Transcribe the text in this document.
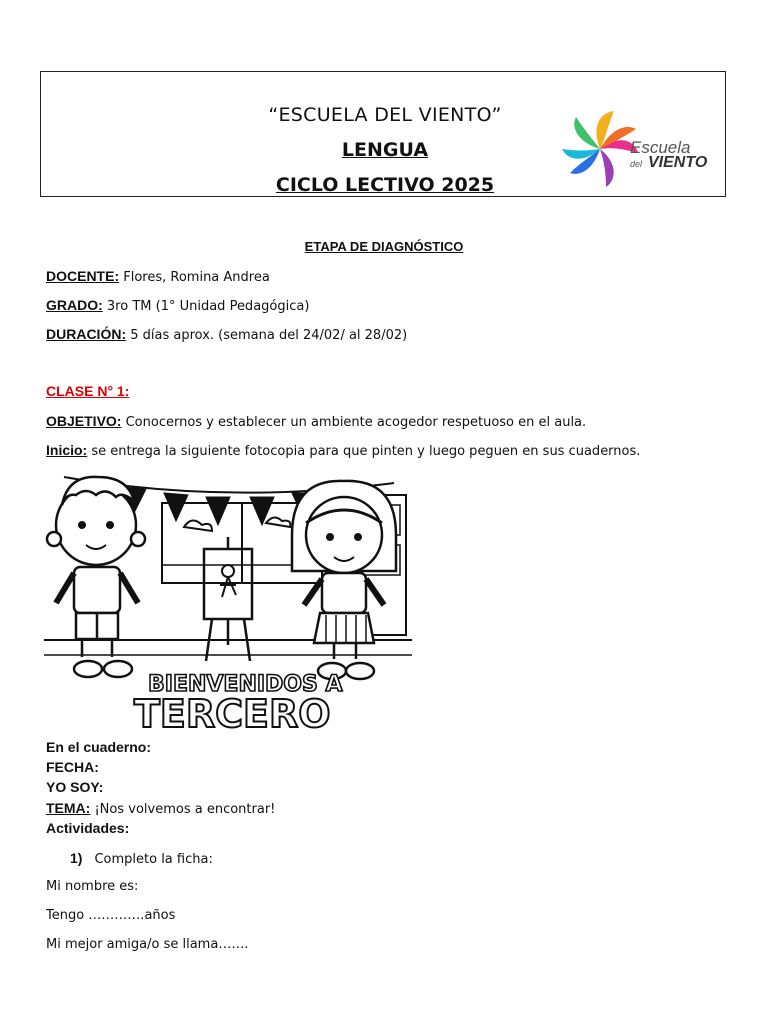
“ESCUELA DEL VIENTO”
LENGUA
CICLO LECTIVO 2025
Escuela
del VIENTO
ETAPA DE DIAGNÓSTICO
DOCENTE: Flores, Romina Andrea
GRADO: 3ro TM (1° Unidad Pedagógica)
DURACIÓN: 5 días aprox. (semana del 24/02/ al 28/02)
CLASE N° 1:
OBJETIVO: Conocernos y establecer un ambiente acogedor respetuoso en el aula.
Inicio: se entrega la siguiente fotocopia para que pinten y luego peguen en sus cuadernos.
BIENVENIDOS A
TERCERO
En el cuaderno:
FECHA:
YO SOY:
TEMA: ¡Nos volvemos a encontrar!
Actividades:
1) Completo la ficha:
Mi nombre es:
Tengo ………….años
Mi mejor amiga/o se llama…….
